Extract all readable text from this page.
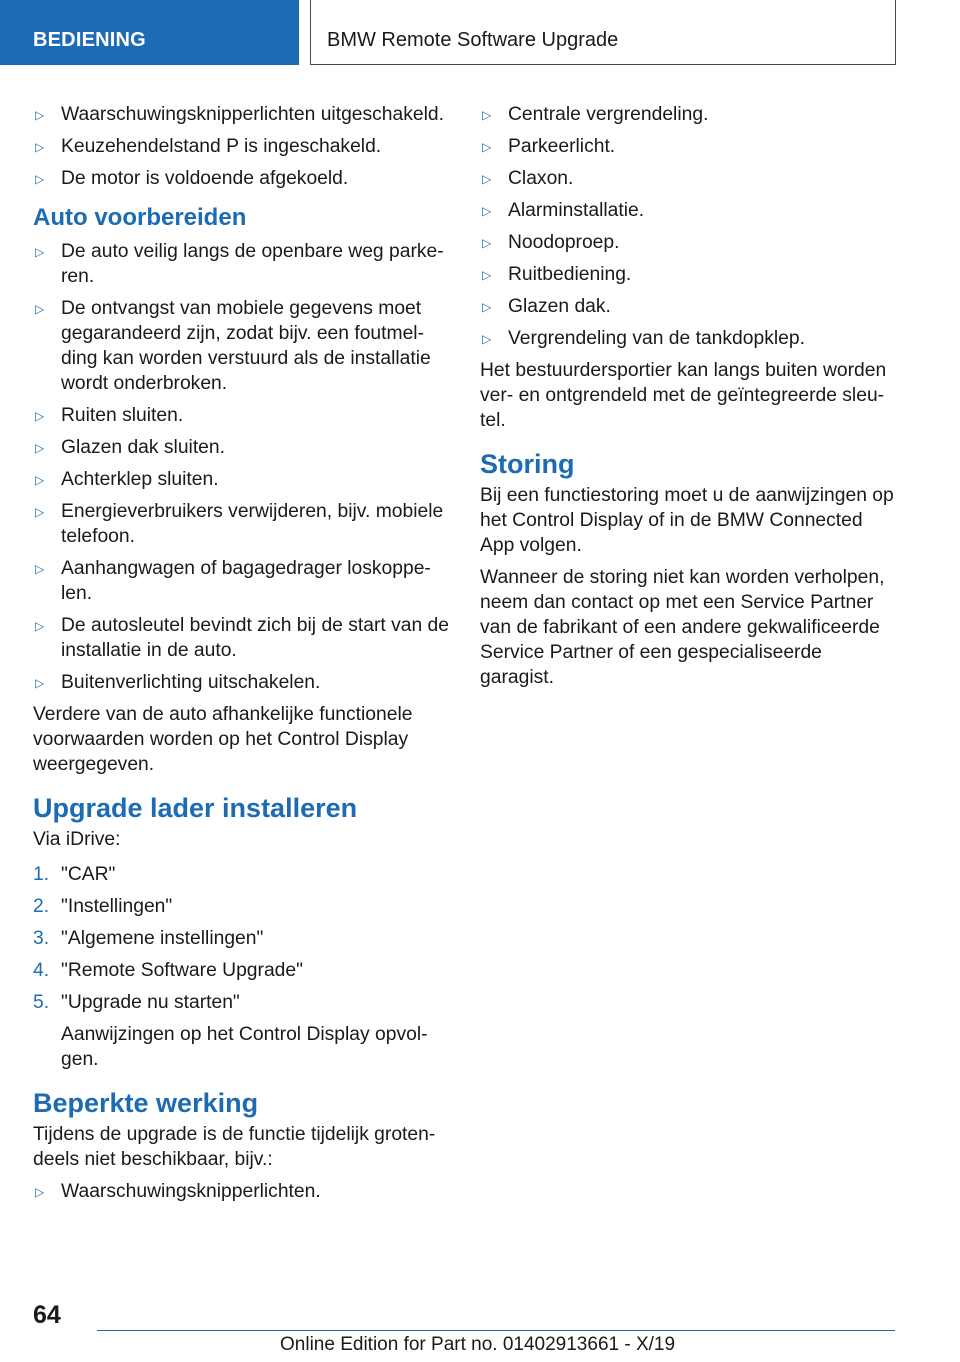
BEDIENING	BMW Remote Software Upgrade
▷ Waarschuwingsknipperlichten uitgeschakeld.
▷ Keuzehendelstand P is ingeschakeld.
▷ De motor is voldoende afgekoeld.
Auto voorbereiden
▷ De auto veilig langs de openbare weg parke-ren.
▷ De ontvangst van mobiele gegevens moet gegarandeerd zijn, zodat bijv. een foutmel-ding kan worden verstuurd als de installatie wordt onderbroken.
▷ Ruiten sluiten.
▷ Glazen dak sluiten.
▷ Achterklep sluiten.
▷ Energieverbruikers verwijderen, bijv. mobiele telefoon.
▷ Aanhangwagen of bagagedrager loskoppe-len.
▷ De autosleutel bevindt zich bij de start van de installatie in de auto.
▷ Buitenverlichting uitschakelen.

Verdere van de auto afhankelijke functionele voorwaarden worden op het Control Display weergegeven.

Upgrade lader installeren

Via iDrive:

1. "CAR"
2. "Instellingen"
3. "Algemene instellingen"
4. "Remote Software Upgrade"
5. "Upgrade nu starten"
Aanwijzingen op het Control Display opvol-gen.
Beperkte werking

Tijdens de upgrade is de functie tijdelijk groten-deels niet beschikbaar, bijv.:

▷ Waarschuwingsknipperlichten.
▷ Centrale vergrendeling.
▷ Parkeerlicht.
▷ Claxon.
▷ Alarminstallatie.
▷ Noodoproep.
▷ Ruitbediening.
▷ Glazen dak.
▷ Vergrendeling van de tankdopklep.

Het bestuurdersportier kan langs buiten worden ver- en ontgrendeld met de geïntegreerde sleu-tel.

Storing

Bij een functiestoring moet u de aanwijzingen op het Control Display of in de BMW Connected App volgen.

Wanneer de storing niet kan worden verholpen, neem dan contact op met een Service Partner van de fabrikant of een andere gekwalificeerde Service Partner of een gespecialiseerde garagist.

64
Online Edition for Part no. 01402913661 - X/19
